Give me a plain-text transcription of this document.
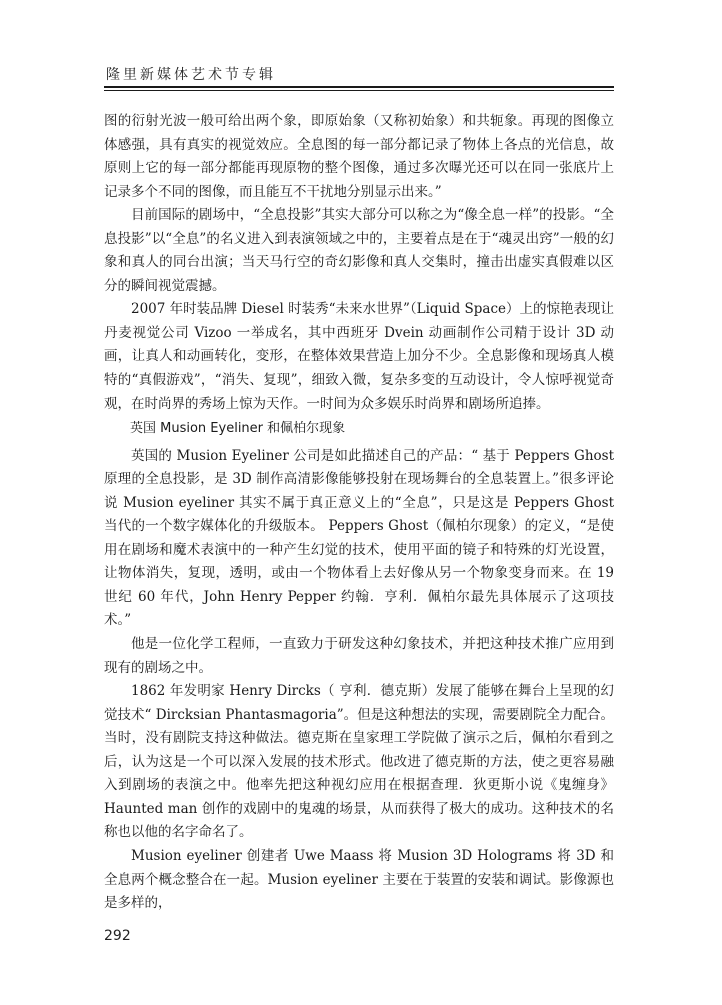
隆里新媒体艺术节专辑

图的衍射光波一般可给出两个象，即原始象（又称初始象）和共轭象。再现的图像立体感强，具有真实的视觉效应。全息图的每一部分都记录了物体上各点的光信息，故原则上它的每一部分都能再现原物的整个图像，通过多次曝光还可以在同一张底片上记录多个不同的图像，而且能互不干扰地分别显示出来。”

目前国际的剧场中，“全息投影”其实大部分可以称之为“像全息一样”的投影。“全息投影”以“全息”的名义进入到表演领域之中的，主要着点是在于“魂灵出窍”一般的幻象和真人的同台出演；当天马行空的奇幻影像和真人交集时，撞击出虚实真假难以区分的瞬间视觉震撼。

2007 年时装品牌 Diesel 时装秀“未来水世界”（Liquid Space）上的惊艳表现让丹麦视觉公司 Vizoo 一举成名，其中西班牙 Dvein 动画制作公司精于设计 3D 动画，让真人和动画转化，变形，在整体效果营造上加分不少。全息影像和现场真人模特的“真假游戏”，“消失、复现”，细致入微，复杂多变的互动设计，令人惊呼视觉奇观，在时尚界的秀场上惊为天作。一时间为众多娱乐时尚界和剧场所追捧。

英国 Musion Eyeliner 和佩柏尔现象

英国的 Musion Eyeliner 公司是如此描述自己的产品：“ 基于 Peppers Ghost 原理的全息投影，是 3D 制作高清影像能够投射在现场舞台的全息装置上。”很多评论说 Musion eyeliner 其实不属于真正意义上的“全息”，只是这是 Peppers Ghost 当代的一个数字媒体化的升级版本。 Peppers Ghost（佩柏尔现象）的定义，“是使用在剧场和魔术表演中的一种产生幻觉的技术，使用平面的镜子和特殊的灯光设置，让物体消失，复现，透明，或由一个物体看上去好像从另一个物象变身而来。在 19 世纪 60 年代，John Henry Pepper 约翰．亨利．佩柏尔最先具体展示了这项技术。”

他是一位化学工程师，一直致力于研发这种幻象技术，并把这种技术推广应用到现有的剧场之中。

1862 年发明家 Henry Dircks（ 亨利．德克斯）发展了能够在舞台上呈现的幻觉技术“ Dircksian Phantasmagoria”。但是这种想法的实现，需要剧院全力配合。当时，没有剧院支持这种做法。德克斯在皇家理工学院做了演示之后，佩柏尔看到之后，认为这是一个可以深入发展的技术形式。他改进了德克斯的方法，使之更容易融入到剧场的表演之中。他率先把这种视幻应用在根据查理．狄更斯小说《鬼缠身》Haunted man 创作的戏剧中的鬼魂的场景，从而获得了极大的成功。这种技术的名称也以他的名字命名了。

Musion eyeliner 创建者 Uwe Maass 将 Musion 3D Holograms 将 3D 和全息两个概念整合在一起。Musion eyeliner 主要在于装置的安装和调试。影像源也是多样的，

292
